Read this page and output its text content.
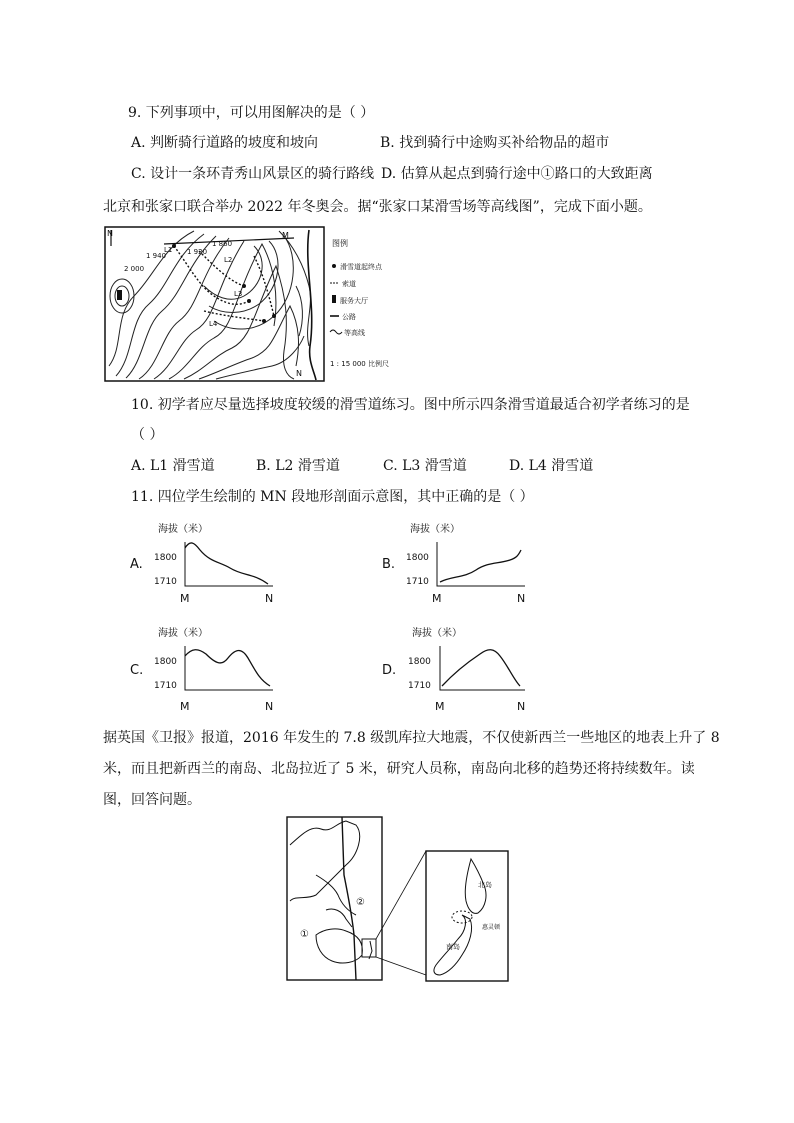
9. 下列事项中，可以用图解决的是（ ）
A. 判断骑行道路的坡度和坡向	B. 找到骑行中途购买补给物品的超市
C. 设计一条环青秀山风景区的骑行路线 D. 估算从起点到骑行途中①路口的大致距离
北京和张家口联合举办 2022 年冬奥会。据“张家口某滑雪场等高线图”，完成下面小题。
N
2 000
1 940
1 860
1 920
L1
L2
L3
L4
M
N
图例
滑雪道起终点
索道
服务大厅
公路
等高线
1 : 15 000 比例尺
10. 初学者应尽量选择坡度较缓的滑雪道练习。图中所示四条滑雪道最适合初学者练习的是
（ ）
A. L1 滑雪道	B. L2 滑雪道	C. L3 滑雪道	D. L4 滑雪道
11. 四位学生绘制的 MN 段地形剖面示意图，其中正确的是（ ）
A.
海拔（米）
1800
1710
M	N
B.
海拔（米）
1800
1710
M	N
C.
海拔（米）
1800
1710
M	N
D.
海拔（米）
1800
1710
M	N
据英国《卫报》报道，2016 年发生的 7.8 级凯库拉大地震，不仅使新西兰一些地区的地表上升了 8
米，而且把新西兰的南岛、北岛拉近了 5 米，研究人员称，南岛向北移的趋势还将持续数年。读
图，回答问题。
①
②
北岛
南岛
惠灵顿
